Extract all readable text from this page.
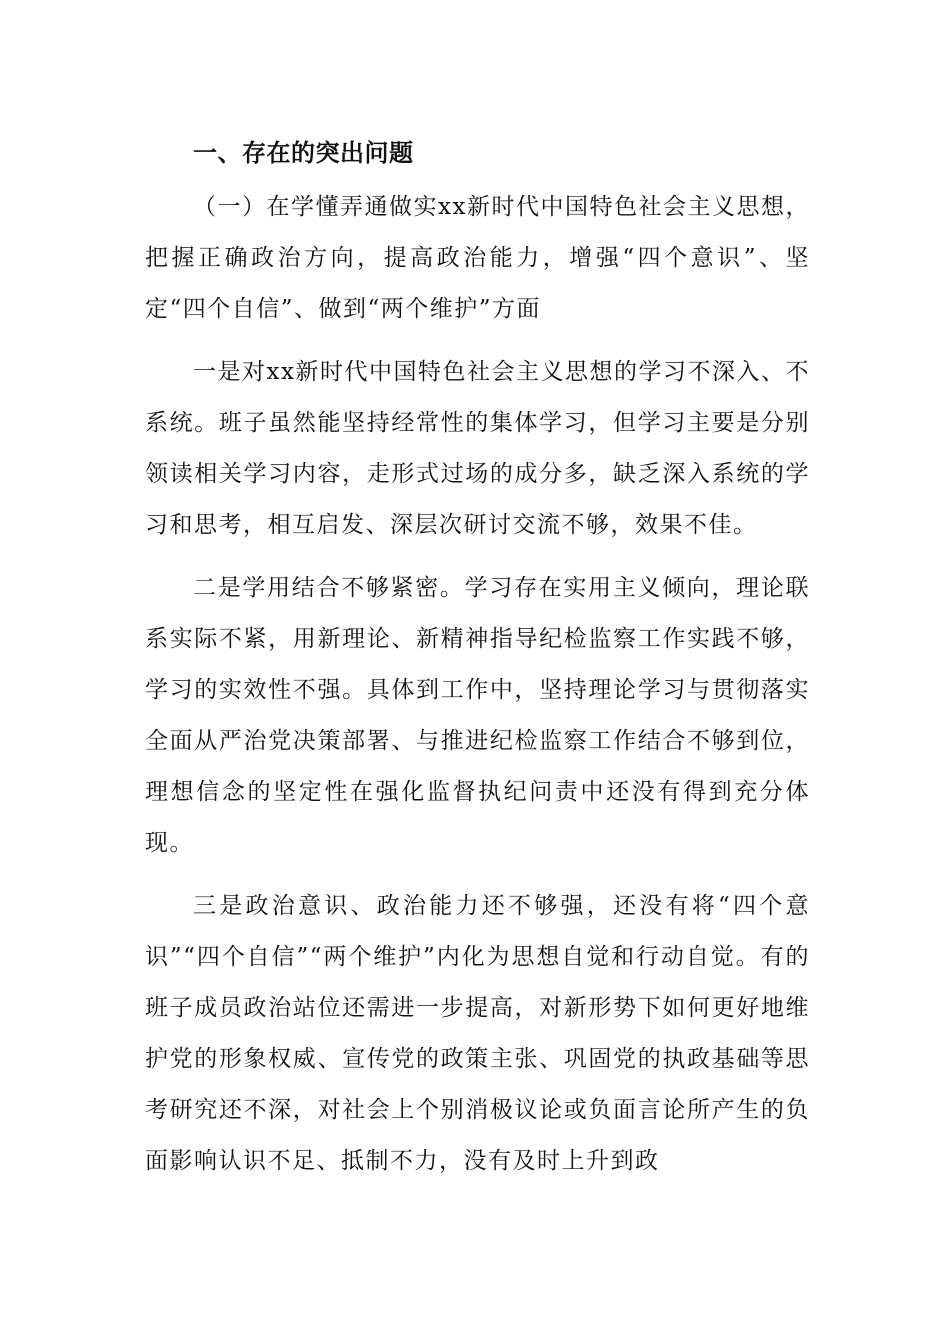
一、存在的突出问题

（一）在学懂弄通做实xx新时代中国特色社会主义思想，把握正确政治方向，提高政治能力，增强“四个意识”、坚定“四个自信”、做到“两个维护”方面

一是对xx新时代中国特色社会主义思想的学习不深入、不系统。班子虽然能坚持经常性的集体学习，但学习主要是分别领读相关学习内容，走形式过场的成分多，缺乏深入系统的学习和思考，相互启发、深层次研讨交流不够，效果不佳。

二是学用结合不够紧密。学习存在实用主义倾向，理论联系实际不紧，用新理论、新精神指导纪检监察工作实践不够，学习的实效性不强。具体到工作中，坚持理论学习与贯彻落实全面从严治党决策部署、与推进纪检监察工作结合不够到位，理想信念的坚定性在强化监督执纪问责中还没有得到充分体现。

三是政治意识、政治能力还不够强，还没有将“四个意识”“四个自信”“两个维护”内化为思想自觉和行动自觉。有的班子成员政治站位还需进一步提高，对新形势下如何更好地维护党的形象权威、宣传党的政策主张、巩固党的执政基础等思考研究还不深，对社会上个别消极议论或负面言论所产生的负面影响认识不足、抵制不力，没有及时上升到政
